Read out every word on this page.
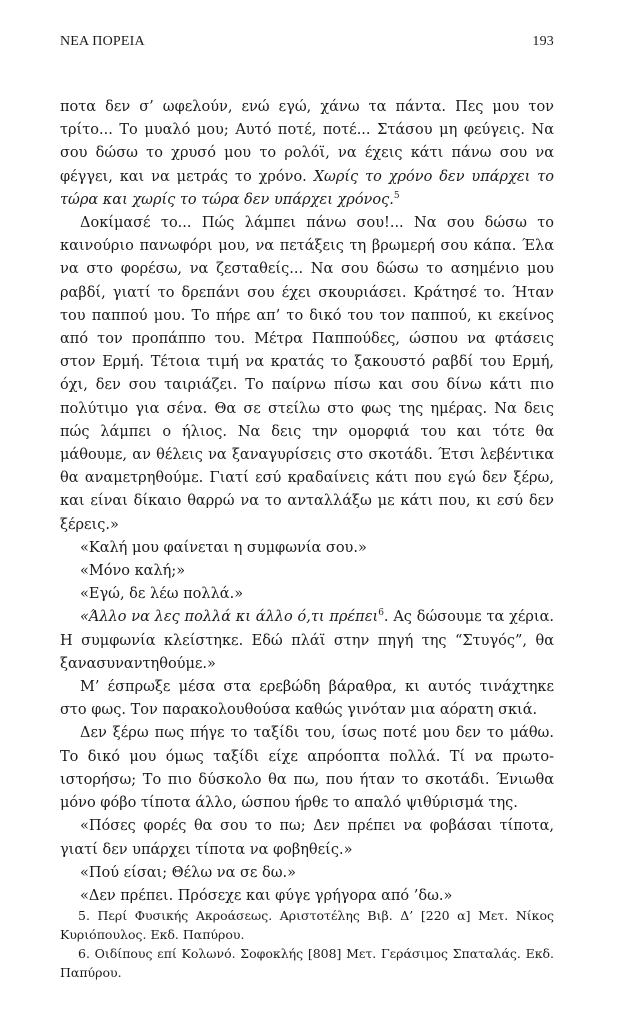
ΝΕΑ ΠΟΡΕΙΑ	193

ποτα δεν σ’ ωφελούν, ενώ εγώ, χάνω τα πάντα. Πες μου τον τρίτο... Το μυαλό μου; Αυτό ποτέ, ποτέ... Στάσου μη φεύγεις. Να σου δώσω το χρυσό μου το ρολόϊ, να έχεις κάτι πάνω σου να φέγγει, και να μετράς το χρόνο. Χωρίς το χρόνο δεν υπάρχει το τώρα και χωρίς το τώρα δεν υπάρχει χρόνος.$^5$

Δοκίμασέ το... Πώς λάμπει πάνω σου!... Να σου δώσω το καινούριο πανωφόρι μου, να πετάξεις τη βρωμερή σου κάπα. Έλα να στο φορέσω, να ζεσταθείς... Να σου δώσω το ασημένιο μου ραβδί, γιατί το δρεπάνι σου έχει σκουριάσει. Κράτησέ το. Ήταν του παππού μου. Το πήρε απ’ το δικό του τον παππού, κι εκείνος από τον προπάππο του. Μέτρα Παππούδες, ώσπου να φτάσεις στον Ερμή. Τέτοια τιμή να κρατάς το ξακουστό ραβδί του Ερμή, όχι, δεν σου ταιριάζει. Το παίρνω πίσω και σου δίνω κάτι πιο πολύτιμο για σένα. Θα σε στείλω στο φως της ημέρας. Να δεις πώς λάμπει ο ήλιος. Να δεις την ομορφιά του και τότε θα μάθουμε, αν θέλεις να ξαναγυρίσεις στο σκοτάδι. Έτσι λεβέντικα θα αναμετρηθούμε. Γιατί εσύ κραδαίνεις κάτι που εγώ δεν ξέρω, και είναι δίκαιο θαρρώ να το ανταλλάξω με κάτι που, κι εσύ δεν ξέρεις.»

«Καλή μου φαίνεται η συμφωνία σου.»

«Μόνο καλή;»

«Εγώ, δε λέω πολλά.»

«Άλλο να λες πολλά κι άλλο ό,τι πρέπει$^6$. Ας δώσουμε τα χέρια. Η συμφωνία κλείστηκε. Εδώ πλάϊ στην πηγή της “Στυγός”, θα ξανασυναντηθούμε.»

Μ’ έσπρωξε μέσα στα ερεβώδη βάραθρα, κι αυτός τινάχτηκε στο φως. Τον παρακολουθούσα καθώς γινόταν μια αόρατη σκιά.

Δεν ξέρω πως πήγε το ταξίδι του, ίσως ποτέ μου δεν το μάθω. Το δικό μου όμως ταξίδι είχε απρόοπτα πολλά. Τί να πρωτο-ιστορήσω; Το πιο δύσκολο θα πω, που ήταν το σκοτάδι. Ένιωθα μόνο φόβο τίποτα άλλο, ώσπου ήρθε το απαλό ψιθύρισμά της.

«Πόσες φορές θα σου το πω; Δεν πρέπει να φοβάσαι τίποτα, γιατί δεν υπάρχει τίποτα να φοβηθείς.»

«Πού είσαι; Θέλω να σε δω.»

«Δεν πρέπει. Πρόσεχε και φύγε γρήγορα από ’δω.»

5. Περί Φυσικής Ακροάσεως. Αριστοτέλης Βιβ. Δ’ [220 α] Μετ. Νίκος Κυριόπουλος. Εκδ. Παπύρου.

6. Οιδίπους επί Κολωνό. Σοφοκλής [808] Μετ. Γεράσιμος Σπαταλάς. Εκδ. Παπύρου.
